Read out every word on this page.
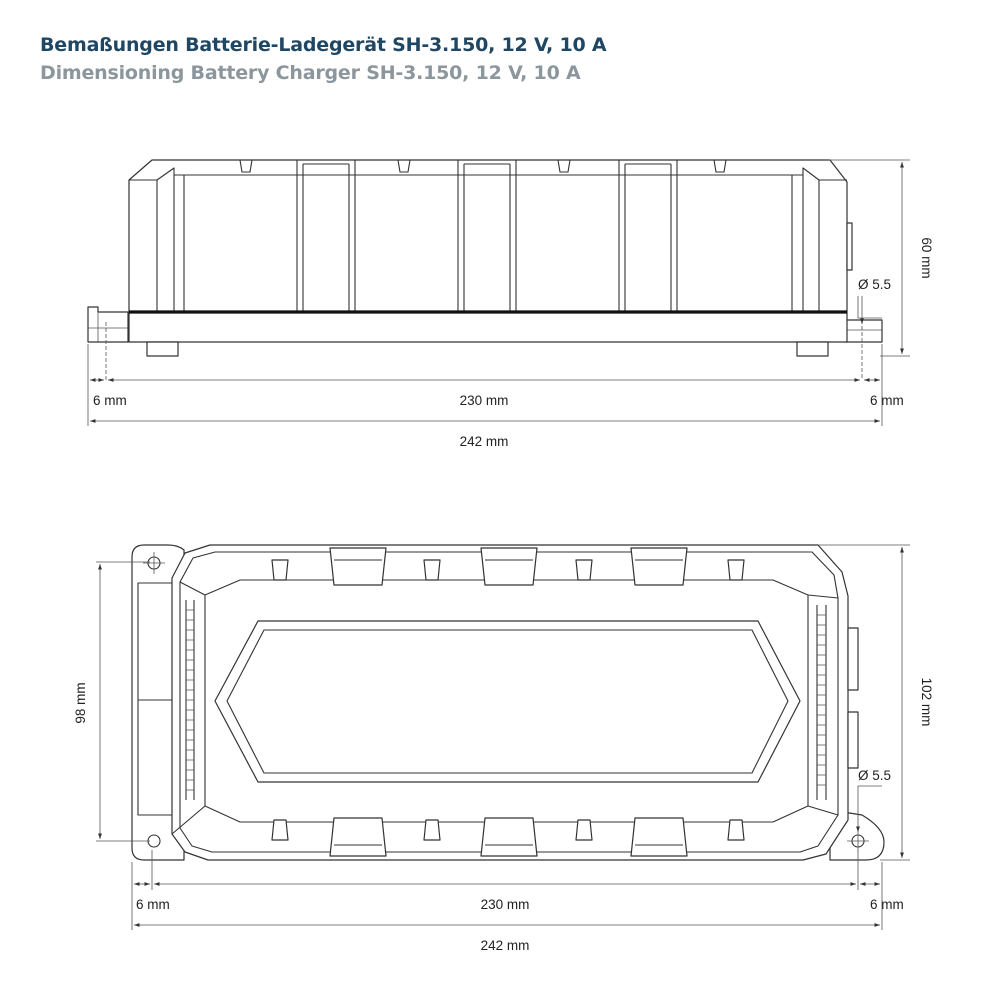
Bemaßungen Batterie-Ladegerät SH-3.150, 12 V, 10 A
Dimensioning Battery Charger SH-3.150, 12 V, 10 A
60 mm
Ø 5.5
6 mm	230 mm	6 mm
242 mm
98 mm	102 mm
Ø 5.5
6 mm	230 mm	6 mm
242 mm
